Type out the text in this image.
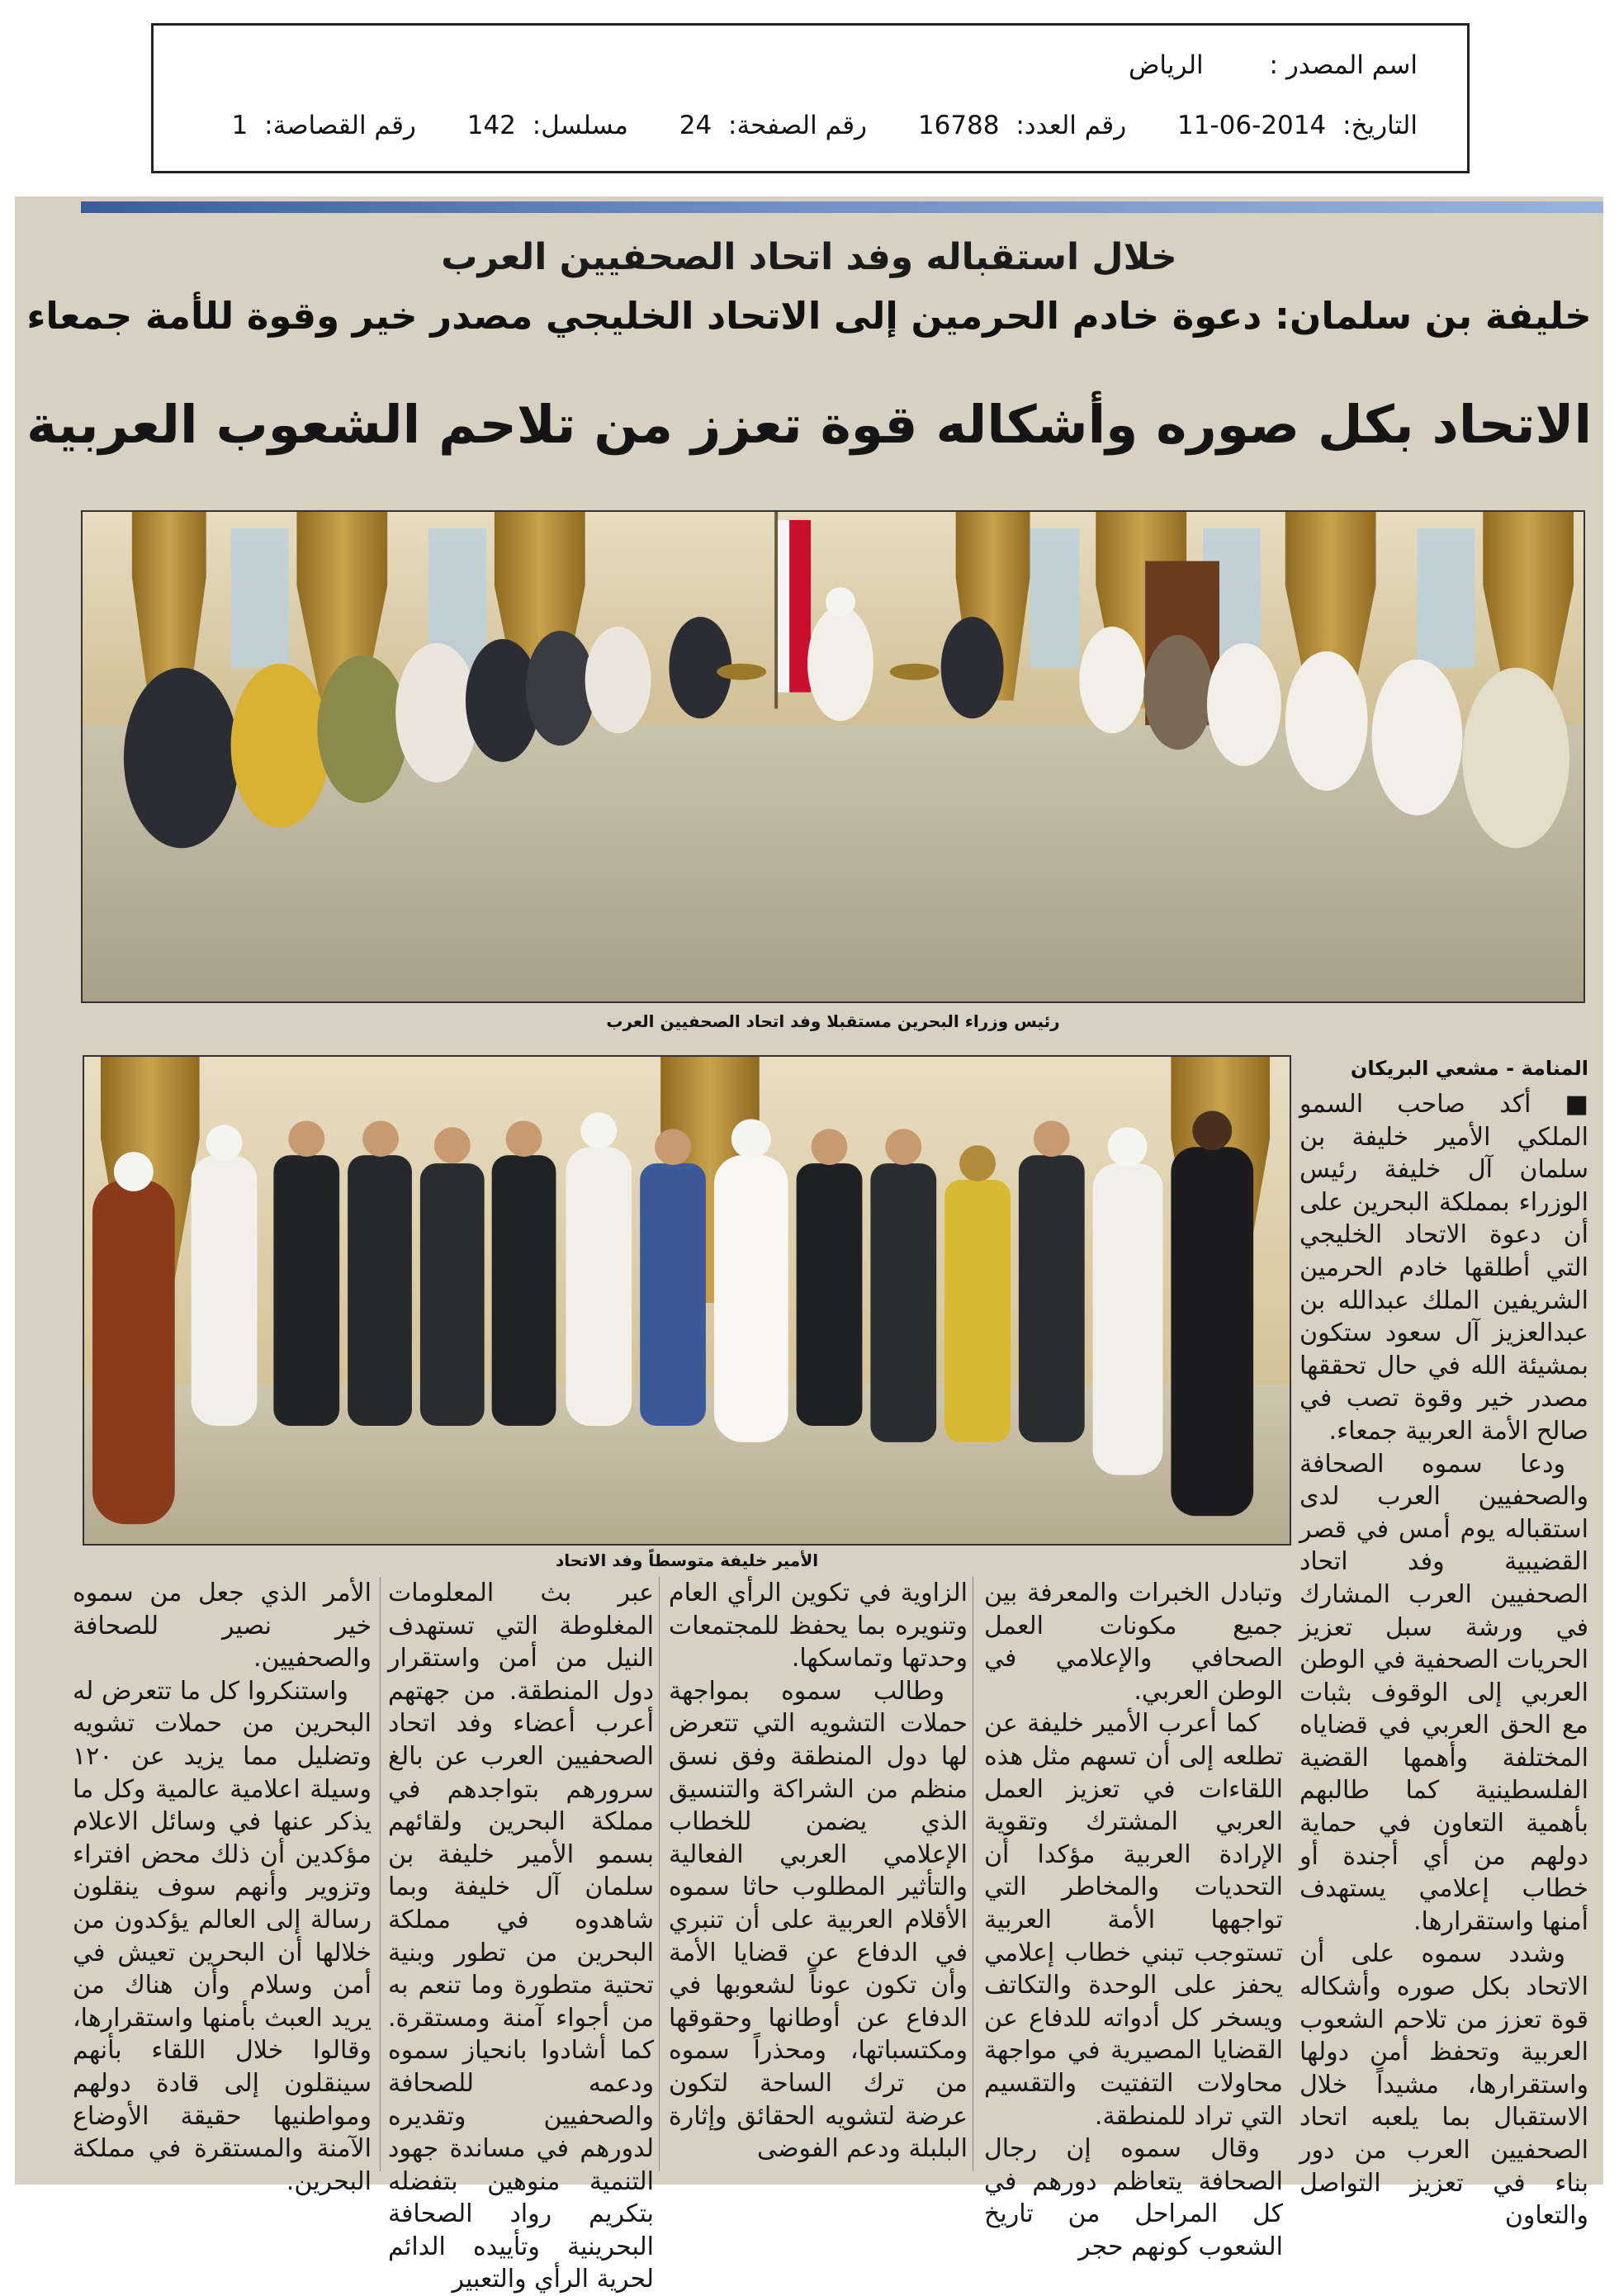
اسم المصدر : الرياض
التاريخ: 2014-06-11 رقم العدد: 16788 رقم الصفحة: 24 مسلسل: 142 رقم القصاصة: 1
خلال استقباله وفد اتحاد الصحفيين العرب
خليفة بن سلمان: دعوة خادم الحرمين إلى الاتحاد الخليجي مصدر خير وقوة للأمة جمعاء
الاتحاد بكل صوره وأشكاله قوة تعزز من تلاحم الشعوب العربية
رئيس وزراء البحرين مستقبلا وفد اتحاد الصحفيين العرب
الأمير خليفة متوسطاً وفد الاتحاد
المنامة - مشعي البريكان

■ أكد صاحب السمو الملكي الأمير خليفة بن سلمان آل خليفة رئيس الوزراء بمملكة البحرين على أن دعوة الاتحاد الخليجي التي أطلقها خادم الحرمين الشريفين الملك عبدالله بن عبدالعزيز آل سعود ستكون بمشيئة الله في حال تحققها مصدر خير وقوة تصب في صالح الأمة العربية جمعاء.

ودعا سموه الصحافة والصحفيين العرب لدى استقباله يوم أمس في قصر القضيبية وفد اتحاد الصحفيين العرب المشارك في ورشة سبل تعزيز الحريات الصحفية في الوطن العربي إلى الوقوف بثبات مع الحق العربي في قضاياه المختلفة وأهمها القضية الفلسطينية كما طالبهم بأهمية التعاون في حماية دولهم من أي أجندة أو خطاب إعلامي يستهدف أمنها واستقرارها.

وشدد سموه على أن الاتحاد بكل صوره وأشكاله قوة تعزز من تلاحم الشعوب العربية وتحفظ أمن دولها واستقرارها، مشيداً خلال الاستقبال بما يلعبه اتحاد الصحفيين العرب من دور بناء في تعزيز التواصل والتعاون

وتبادل الخبرات والمعرفة بين جميع مكونات العمل الصحافي والإعلامي في الوطن العربي.

كما أعرب الأمير خليفة عن تطلعه إلى أن تسهم مثل هذه اللقاءات في تعزيز العمل العربي المشترك وتقوية الإرادة العربية مؤكدا أن التحديات والمخاطر التي تواجهها الأمة العربية تستوجب تبني خطاب إعلامي يحفز على الوحدة والتكاتف ويسخر كل أدواته للدفاع عن القضايا المصيرية في مواجهة محاولات التفتيت والتقسيم التي تراد للمنطقة.

وقال سموه إن رجال الصحافة يتعاظم دورهم في كل المراحل من تاريخ الشعوب كونهم حجر

الزاوية في تكوين الرأي العام وتنويره بما يحفظ للمجتمعات وحدتها وتماسكها.

وطالب سموه بمواجهة حملات التشويه التي تتعرض لها دول المنطقة وفق نسق منظم من الشراكة والتنسيق الذي يضمن للخطاب الإعلامي العربي الفعالية والتأثير المطلوب حاثا سموه الأقلام العربية على أن تنبري في الدفاع عن قضايا الأمة وأن تكون عوناً لشعوبها في الدفاع عن أوطانها وحقوقها ومكتسباتها، ومحذراً سموه من ترك الساحة لتكون عرضة لتشويه الحقائق وإثارة البلبلة ودعم الفوضى

عبر بث المعلومات المغلوطة التي تستهدف النيل من أمن واستقرار دول المنطقة. من جهتهم أعرب أعضاء وفد اتحاد الصحفيين العرب عن بالغ سرورهم بتواجدهم في مملكة البحرين ولقائهم بسمو الأمير خليفة بن سلمان آل خليفة وبما شاهدوه في مملكة البحرين من تطور وبنية تحتية متطورة وما تنعم به من أجواء آمنة ومستقرة. كما أشادوا بانحياز سموه ودعمه للصحافة والصحفيين وتقديره لدورهم في مساندة جهود التنمية منوهين بتفضله بتكريم رواد الصحافة البحرينية وتأييده الدائم لحرية الرأي والتعبير

الأمر الذي جعل من سموه خير نصير للصحافة والصحفيين.

واستنكروا كل ما تتعرض له البحرين من حملات تشويه وتضليل مما يزيد عن ١٢٠ وسيلة اعلامية عالمية وكل ما يذكر عنها في وسائل الاعلام مؤكدين أن ذلك محض افتراء وتزوير وأنهم سوف ينقلون رسالة إلى العالم يؤكدون من خلالها أن البحرين تعيش في أمن وسلام وأن هناك من يريد العبث بأمنها واستقرارها، وقالوا خلال اللقاء بأنهم سينقلون إلى قادة دولهم ومواطنيها حقيقة الأوضاع الآمنة والمستقرة في مملكة البحرين.
